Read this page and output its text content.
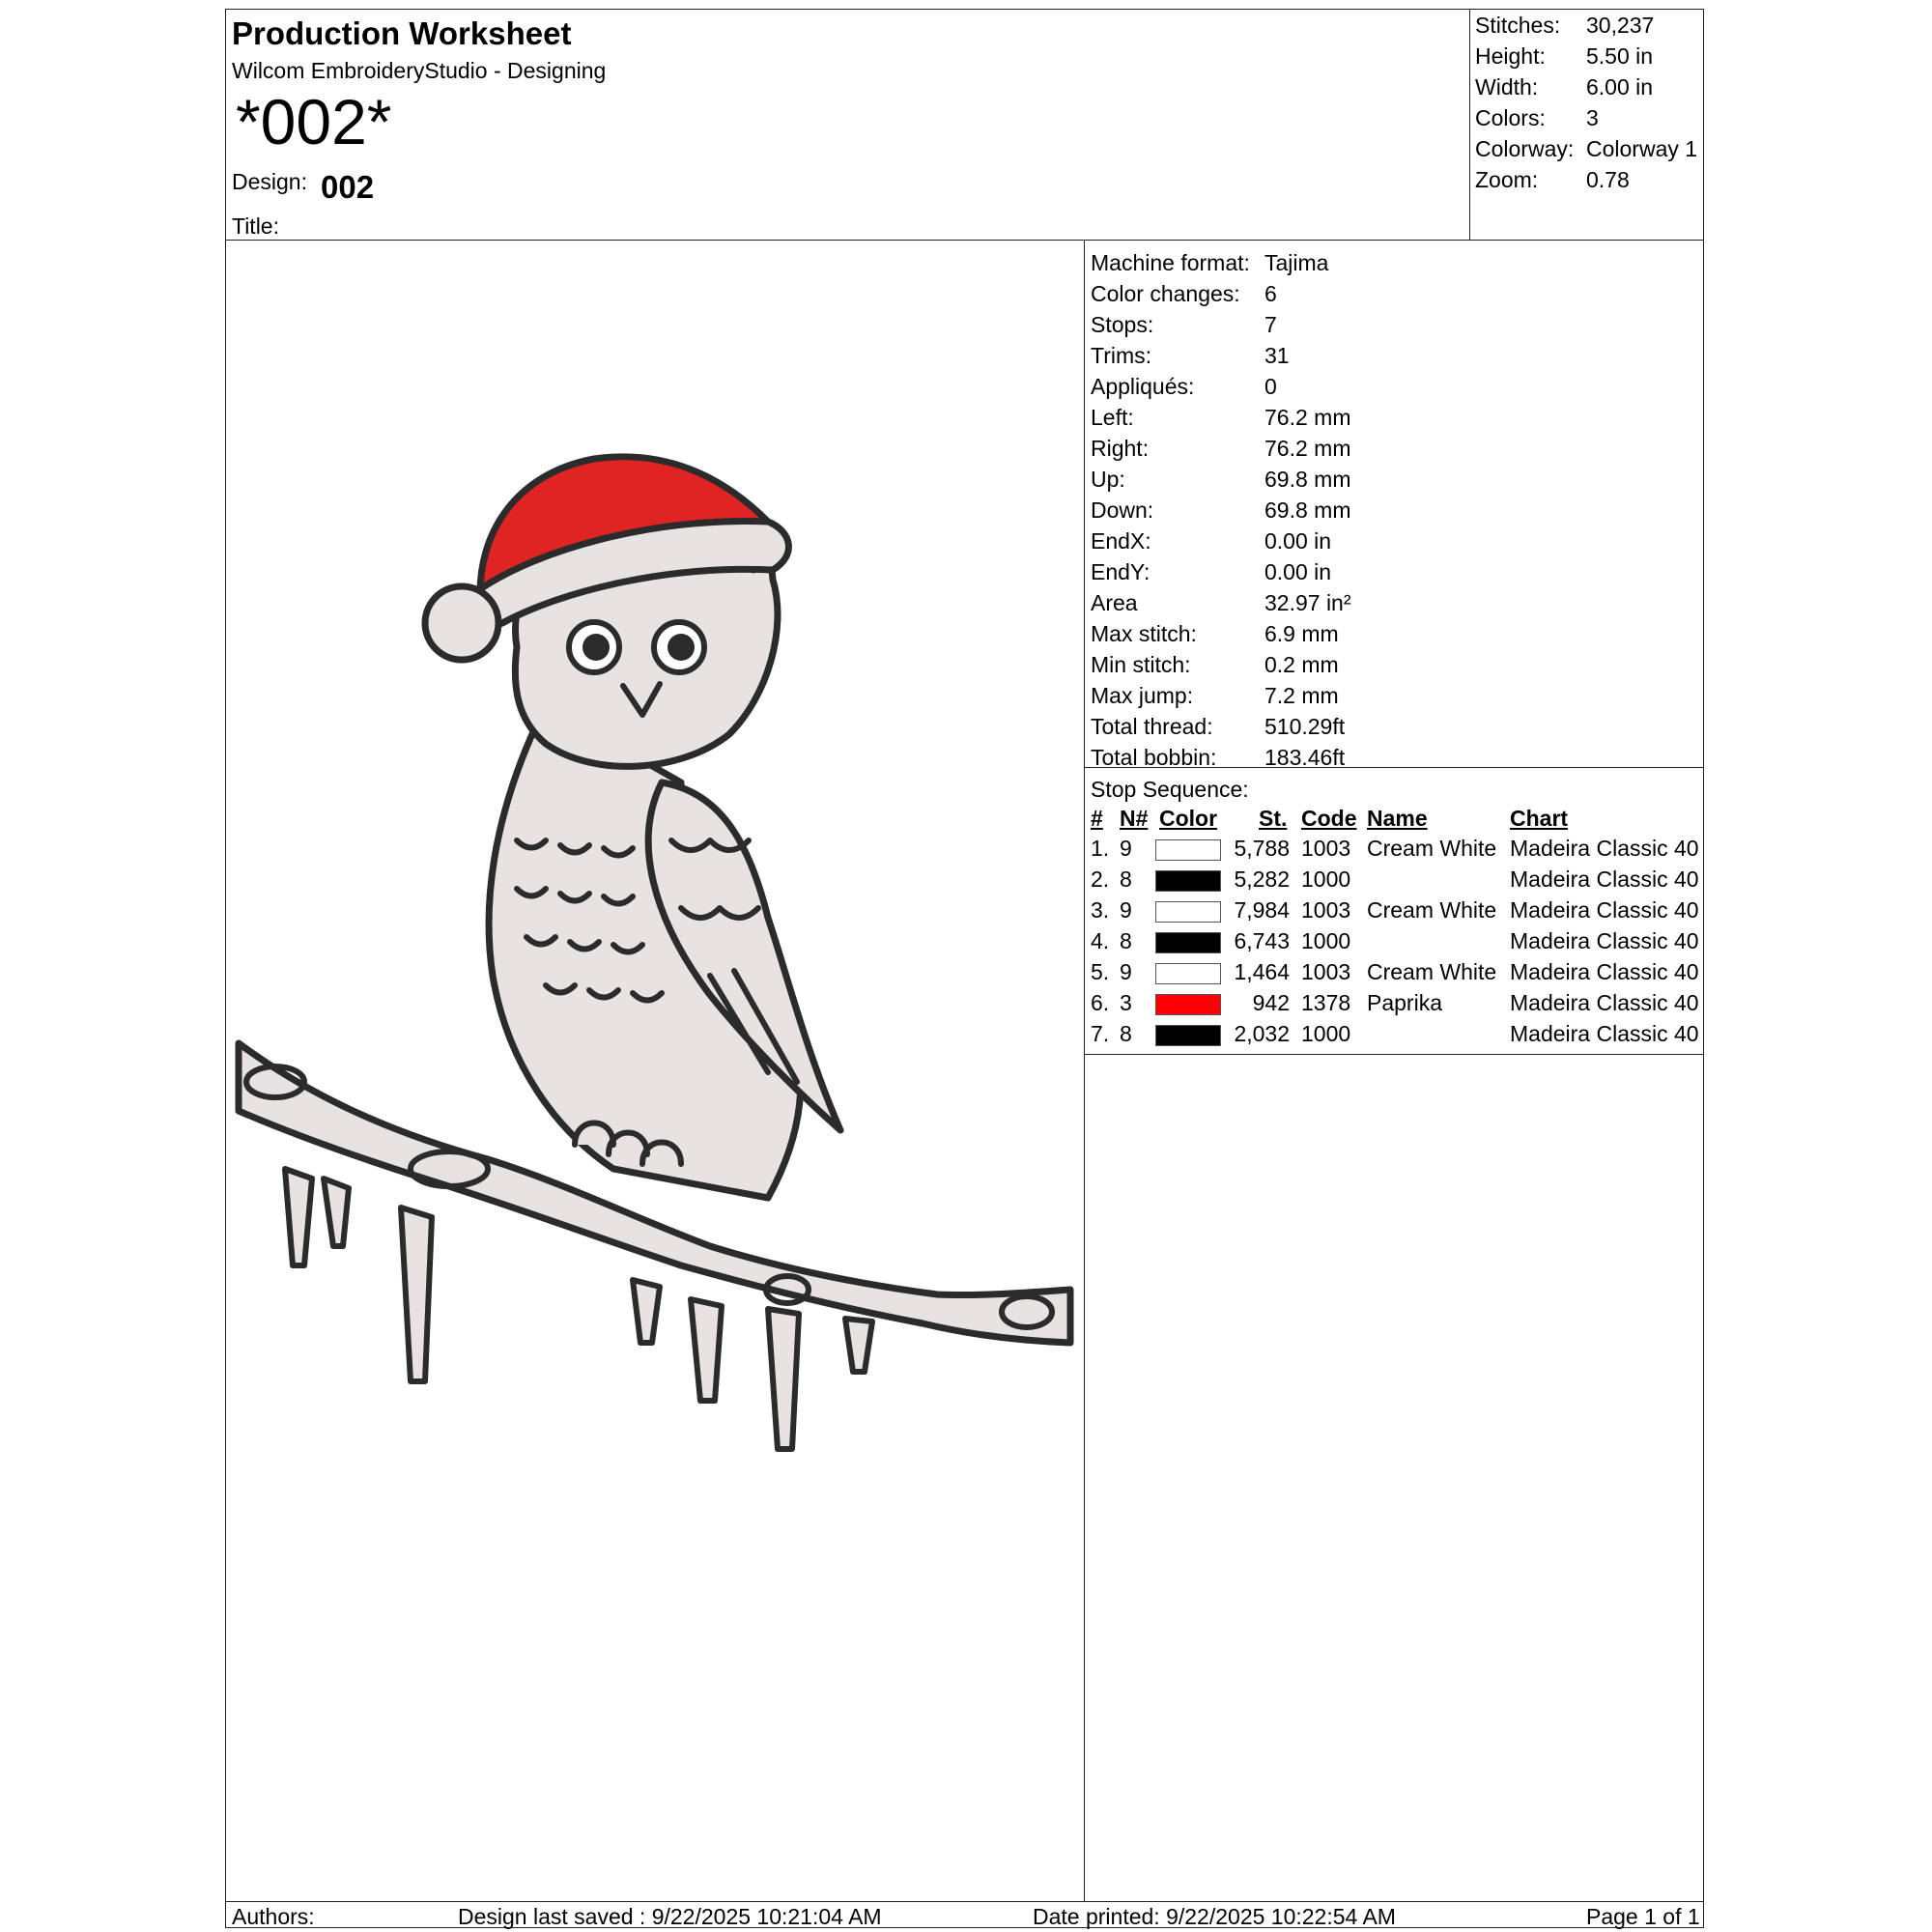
Production Worksheet
Wilcom EmbroideryStudio - Designing
*002*
Design: 002
Title:
Stitches: 30,237
Height: 5.50 in
Width: 6.00 in
Colors: 3
Colorway: Colorway 1
Zoom: 0.78
Machine format: Tajima
Color changes: 6
Stops:	7
Trims:	31
Appliqués:	0
Left:	76.2 mm
Right:	76.2 mm
Up:	69.8 mm
Down:	69.8 mm
EndX:	0.00 in
EndY:	0.00 in
Area	32.97 in²
Max stitch:	6.9 mm
Min stitch:	0.2 mm
Max jump:	7.2 mm
Total thread: 510.29ft
Total bobbin: 183.46ft
Stop Sequence:
# N# Color St. Code Name	Chart
1. 9	5,788 1003 Cream White Madeira Classic 40
2. 8	5,282 1000	Madeira Classic 40
3. 9	7,984 1003 Cream White Madeira Classic 40
4. 8	6,743 1000	Madeira Classic 40
5. 9	1,464 1003 Cream White Madeira Classic 40
6. 3	942 1378 Paprika	Madeira Classic 40
7. 8	2,032 1000	Madeira Classic 40
Authors:	Design last saved : 9/22/2025 10:21:04 AM	Date printed: 9/22/2025 10:22:54 AM	Page 1 of 1
